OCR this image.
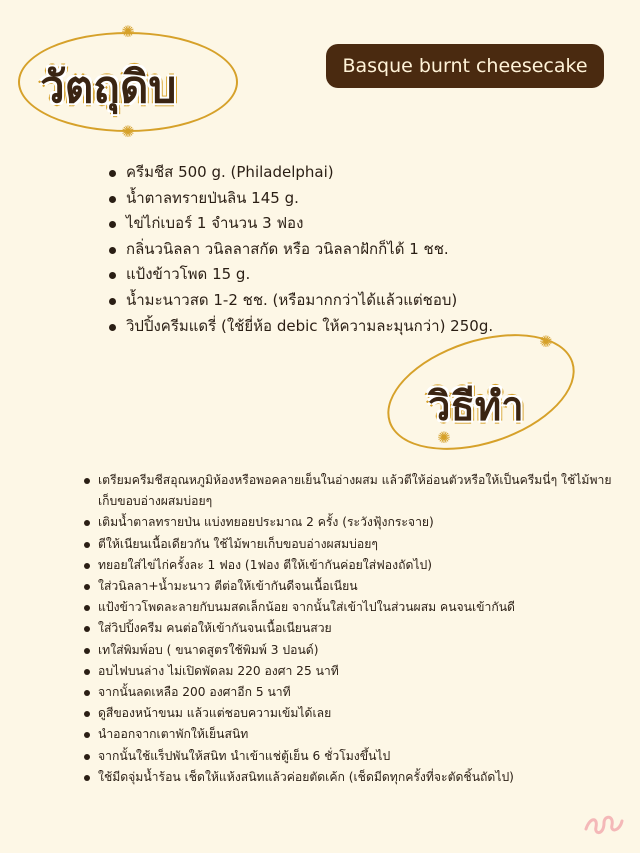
✺
✺
วัตถุดิบ	Basque burnt cheesecake
ครีมชีส 500 g. (Philadelphai)
น้ำตาลทรายป่นลิน 145 g.
ไข่ไก่เบอร์ 1 จำนวน 3 ฟอง
กลิ่นวนิลลา วนิลลาสกัด หรือ วนิลลาฝักก็ได้ 1 ชช.
แป้งข้าวโพด 15 g.
น้ำมะนาวสด 1-2 ชช. (หรือมากกว่าได้แล้วแต่ชอบ)
วิปปิ้งครีมแดรี่ (ใช้ยี่ห้อ debic ให้ความละมุนกว่า) 250g.
✺
✺
วิธีทำ
เตรียมครีมชีสอุณหภูมิห้องหรือพอคลายเย็นในอ่างผสม แล้วตีให้อ่อนตัวหรือให้เป็นครีมนี่ๆ ใช้ไม้พายเก็บขอบอ่างผสมบ่อยๆ
เติมน้ำตาลทรายป่น แบ่งทยอยประมาณ 2 ครั้ง (ระวังฟุ้งกระจาย)
ตีให้เนียนเนื้อเดียวกัน ใช้ไม้พายเก็บขอบอ่างผสมบ่อยๆ
ทยอยใส่ไข่ไก่ครั้งละ 1 ฟอง (1ฟอง ตีให้เข้ากันค่อยใส่ฟองถัดไป)
ใส่วนิลลา+น้ำมะนาว ตีต่อให้เข้ากันดีจนเนื้อเนียน
แป้งข้าวโพดละลายกับนมสดเล็กน้อย จากนั้นใส่เข้าไปในส่วนผสม คนจนเข้ากันดี
ใส่วิปปิ้งครีม คนต่อให้เข้ากันจนเนื้อเนียนสวย
เทใส่พิมพ์อบ ( ขนาดสูตรใช้พิมพ์ 3 ปอนด์)
อบไฟบนล่าง ไม่เปิดพัดลม 220 องศา 25 นาที
จากนั้นลดเหลือ 200 องศาอีก 5 นาที
ดูสีของหน้าขนม แล้วแต่ชอบความเข้มได้เลย
นำออกจากเตาพักให้เย็นสนิท
จากนั้นใช้แร็ปพันให้สนิท นำเข้าแช่ตู้เย็น 6 ชั่วโมงขึ้นไป
ใช้มีดจุ่มน้ำร้อน เช็ดให้แห้งสนิทแล้วค่อยตัดเค้ก (เช็ดมีดทุกครั้งที่จะตัดชิ้นถัดไป)
